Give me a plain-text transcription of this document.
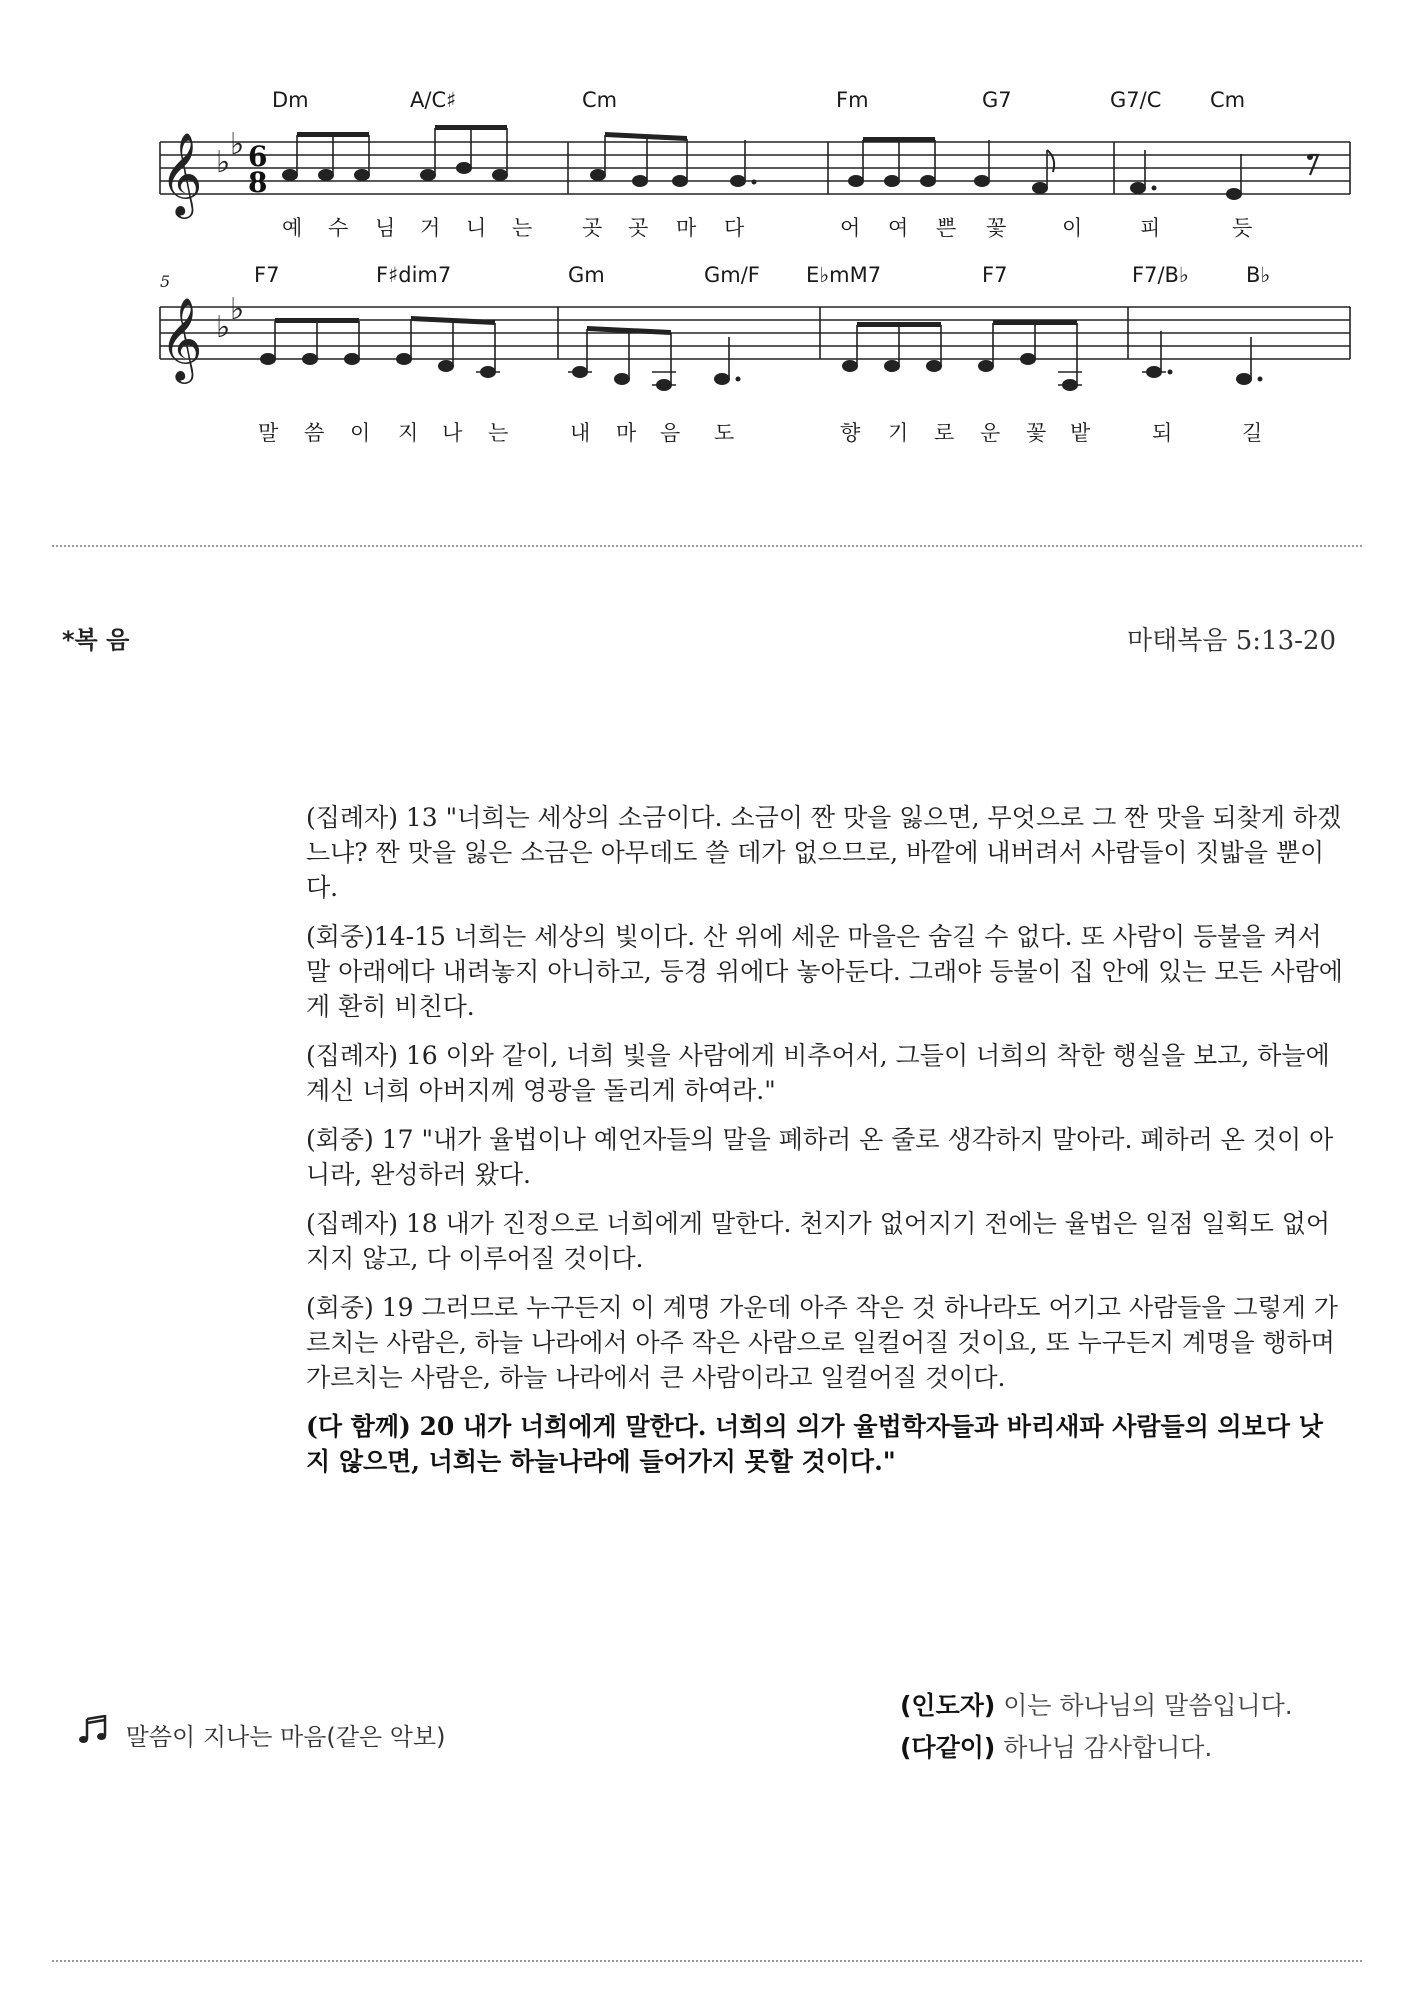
𝄞 ♭
♭ 6
8
Dm	A/C♯	Cm	Fm	G7	G7/C Cm
예 수 님 거 니 는 곳 곳 마 다	어 여 쁜 꽃	이	피	듯
5
𝄞 ♭
♭
F7	F♯dim7	Gm	Gm/F E♭mM7	F7	F7/B♭	B♭
말 씀 이 지 나 는	내 마 음 도	향 기 로 운 꽃 밭	되	길
*복 음	마태복음 5:13-20

(집례자) 13 "너희는 세상의 소금이다. 소금이 짠 맛을 잃으면, 무엇으로 그 짠 맛을 되찾게 하겠느냐? 짠 맛을 잃은 소금은 아무데도 쓸 데가 없으므로, 바깥에 내버려서 사람들이 짓밟을 뿐이다.

(회중)14-15 너희는 세상의 빛이다. 산 위에 세운 마을은 숨길 수 없다. 또 사람이 등불을 켜서 말 아래에다 내려놓지 아니하고, 등경 위에다 놓아둔다. 그래야 등불이 집 안에 있는 모든 사람에게 환히 비친다.

(집례자) 16 이와 같이, 너희 빛을 사람에게 비추어서, 그들이 너희의 착한 행실을 보고, 하늘에 계신 너희 아버지께 영광을 돌리게 하여라."

(회중) 17 "내가 율법이나 예언자들의 말을 폐하러 온 줄로 생각하지 말아라. 폐하러 온 것이 아니라, 완성하러 왔다.

(집례자) 18 내가 진정으로 너희에게 말한다. 천지가 없어지기 전에는 율법은 일점 일획도 없어지지 않고, 다 이루어질 것이다.

(회중) 19 그러므로 누구든지 이 계명 가운데 아주 작은 것 하나라도 어기고 사람들을 그렇게 가르치는 사람은, 하늘 나라에서 아주 작은 사람으로 일컬어질 것이요, 또 누구든지 계명을 행하며 가르치는 사람은, 하늘 나라에서 큰 사람이라고 일컬어질 것이다.

(다 함께) 20 내가 너희에게 말한다. 너희의 의가 율법학자들과 바리새파 사람들의 의보다 낫지 않으면, 너희는 하늘나라에 들어가지 못할 것이다."

말씀이 지나는 마음(같은 악보)
(인도자) 이는 하나님의 말씀입니다.
(다같이) 하나님 감사합니다.
